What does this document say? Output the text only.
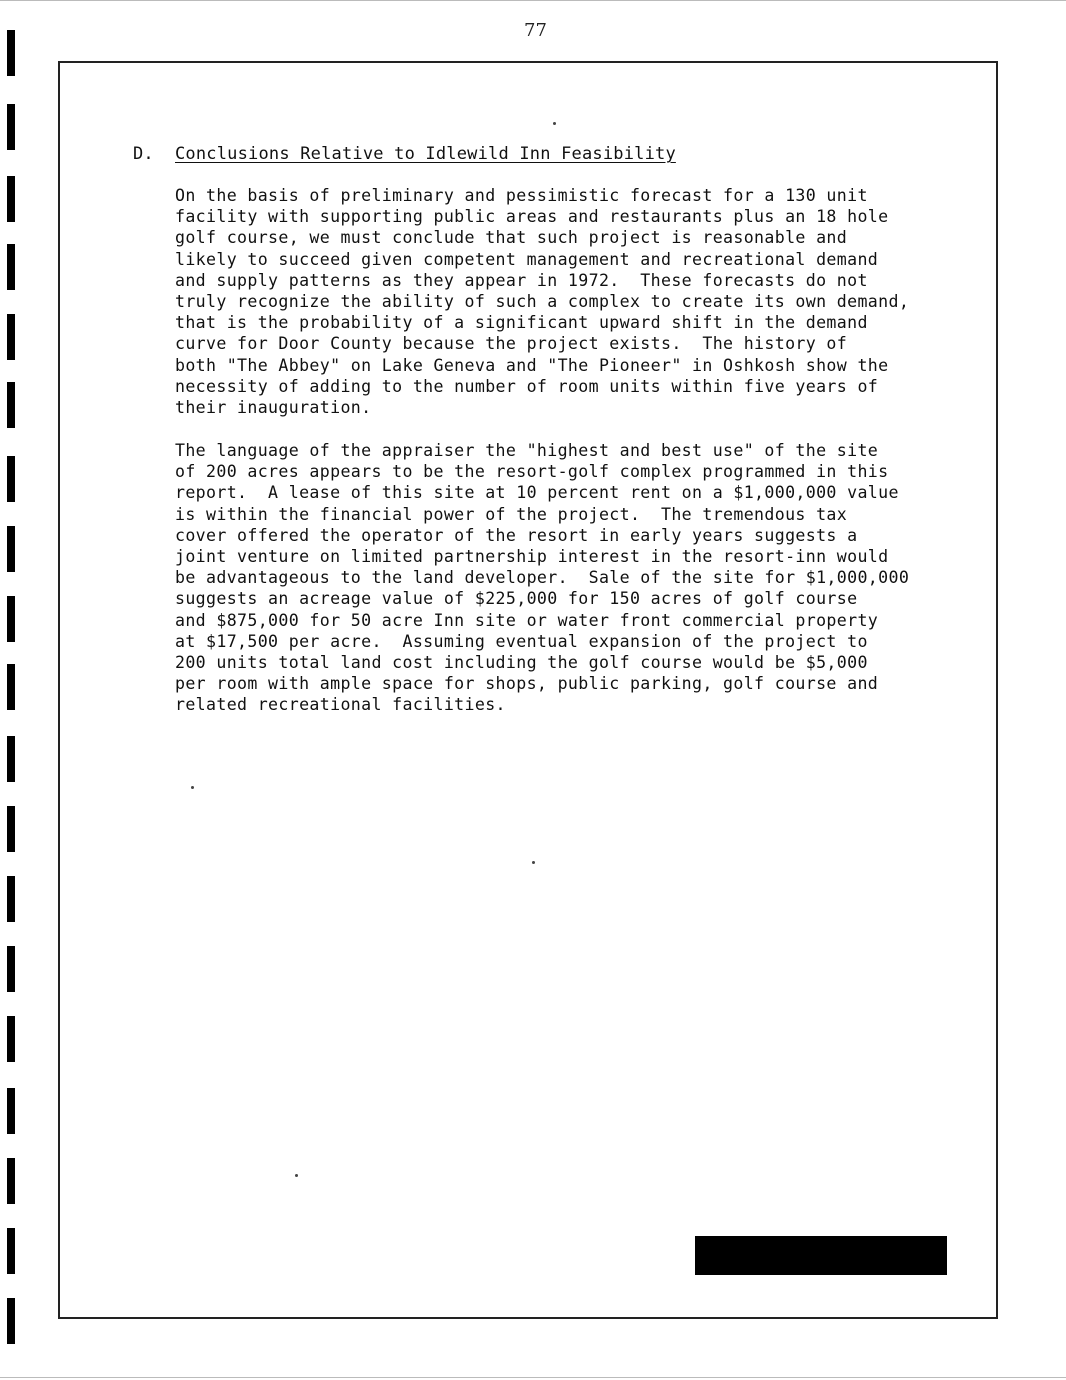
77
D. Conclusions Relative to Idlewild Inn Feasibility
On the basis of preliminary and pessimistic forecast for a 130 unit
facility with supporting public areas and restaurants plus an 18 hole
golf course, we must conclude that such project is reasonable and
likely to succeed given competent management and recreational demand
and supply patterns as they appear in 1972.  These forecasts do not
truly recognize the ability of such a complex to create its own demand,
that is the probability of a significant upward shift in the demand
curve for Door County because the project exists.  The history of
both "The Abbey" on Lake Geneva and "The Pioneer" in Oshkosh show the
necessity of adding to the number of room units within five years of
their inauguration.
The language of the appraiser the "highest and best use" of the site
of 200 acres appears to be the resort-golf complex programmed in this
report.  A lease of this site at 10 percent rent on a $1,000,000 value
is within the financial power of the project.  The tremendous tax
cover offered the operator of the resort in early years suggests a
joint venture on limited partnership interest in the resort-inn would
be advantageous to the land developer.  Sale of the site for $1,000,000
suggests an acreage value of $225,000 for 150 acres of golf course
and $875,000 for 50 acre Inn site or water front commercial property
at $17,500 per acre.  Assuming eventual expansion of the project to
200 units total land cost including the golf course would be $5,000
per room with ample space for shops, public parking, golf course and
related recreational facilities.
